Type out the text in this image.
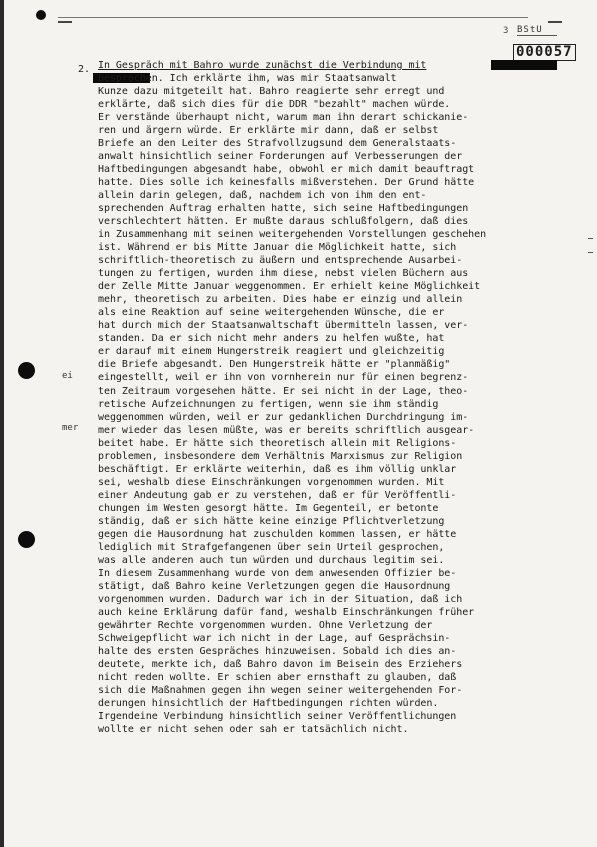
3 BStU
000057
2.
ei
mer
In Gespräch mit Bahro wurde zunächst die Verbindung mit
besprochen. Ich erklärte ihm, was mir Staatsanwalt
Kunze dazu mitgeteilt hat. Bahro reagierte sehr erregt und
erklärte, daß sich dies für die DDR "bezahlt" machen würde.
Er verstände überhaupt nicht, warum man ihn derart schickanie-
ren und ärgern würde. Er erklärte mir dann, daß er selbst
Briefe an den Leiter des Strafvollzugsund dem Generalstaats-
anwalt hinsichtlich seiner Forderungen auf Verbesserungen der
Haftbedingungen abgesandt habe, obwohl er mich damit beauftragt
hatte. Dies solle ich keinesfalls mißverstehen. Der Grund hätte
allein darin gelegen, daß, nachdem ich von ihm den ent-
sprechenden Auftrag erhalten hatte, sich seine Haftbedingungen
verschlechtert hätten. Er mußte daraus schlußfolgern, daß dies
in Zusammenhang mit seinen weitergehenden Vorstellungen geschehen
ist. Während er bis Mitte Januar die Möglichkeit hatte, sich
schriftlich-theoretisch zu äußern und entsprechende Ausarbei-
tungen zu fertigen, wurden ihm diese, nebst vielen Büchern aus
der Zelle Mitte Januar weggenommen. Er erhielt keine Möglichkeit
mehr, theoretisch zu arbeiten. Dies habe er einzig und allein
als eine Reaktion auf seine weitergehenden Wünsche, die er
hat durch mich der Staatsanwaltschaft übermitteln lassen, ver-
standen. Da er sich nicht mehr anders zu helfen wußte, hat
er darauf mit einem Hungerstreik reagiert und gleichzeitig
die Briefe abgesandt. Den Hungerstreik hätte er "planmäßig"
eingestellt, weil er ihn von vornherein nur für einen begrenz-
ten Zeitraum vorgesehen hätte. Er sei nicht in der Lage, theo-
retische Aufzeichnungen zu fertigen, wenn sie ihm ständig
weggenommen würden, weil er zur gedanklichen Durchdringung im-
mer wieder das lesen müßte, was er bereits schriftlich ausgear-
beitet habe. Er hätte sich theoretisch allein mit Religions-
problemen, insbesondere dem Verhältnis Marxismus zur Religion
beschäftigt. Er erklärte weiterhin, daß es ihm völlig unklar
sei, weshalb diese Einschränkungen vorgenommen wurden. Mit
einer Andeutung gab er zu verstehen, daß er für Veröffentli-
chungen im Westen gesorgt hätte. Im Gegenteil, er betonte
ständig, daß er sich hätte keine einzige Pflichtverletzung
gegen die Hausordnung hat zuschulden kommen lassen, er hätte
lediglich mit Strafgefangenen über sein Urteil gesprochen,
was alle anderen auch tun würden und durchaus legitim sei.
In diesem Zusammenhang wurde von dem anwesenden Offizier be-
stätigt, daß Bahro keine Verletzungen gegen die Hausordnung
vorgenommen wurden. Dadurch war ich in der Situation, daß ich
auch keine Erklärung dafür fand, weshalb Einschränkungen früher
gewährter Rechte vorgenommen wurden. Ohne Verletzung der
Schweigepflicht war ich nicht in der Lage, auf Gesprächsin-
halte des ersten Gespräches hinzuweisen. Sobald ich dies an-
deutete, merkte ich, daß Bahro davon im Beisein des Erziehers
nicht reden wollte. Er schien aber ernsthaft zu glauben, daß
sich die Maßnahmen gegen ihn wegen seiner weitergehenden For-
derungen hinsichtlich der Haftbedingungen richten würden.
Irgendeine Verbindung hinsichtlich seiner Veröffentlichungen
wollte er nicht sehen oder sah er tatsächlich nicht.
